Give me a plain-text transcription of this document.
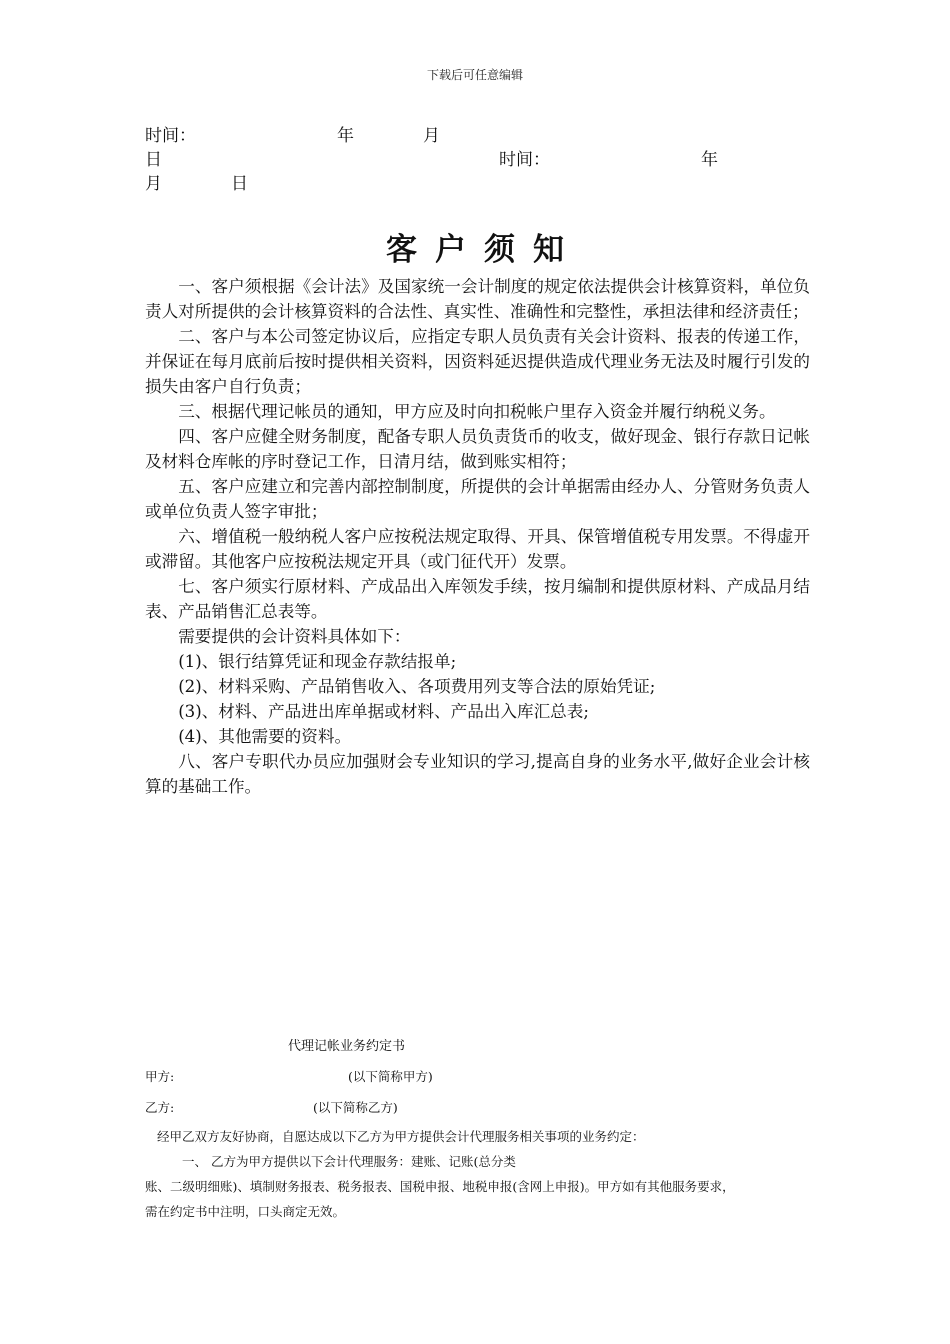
下载后可任意编辑
时间：	年	月
日	时间：	年
月	日
客户须知

一、客户须根据《会计法》及国家统一会计制度的规定依法提供会计核算资料，单位负责人对所提供的会计核算资料的合法性、真实性、准确性和完整性，承担法律和经济责任；

二、客户与本公司签定协议后，应指定专职人员负责有关会计资料、报表的传递工作，并保证在每月底前后按时提供相关资料，因资料延迟提供造成代理业务无法及时履行引发的损失由客户自行负责；

三、根据代理记帐员的通知，甲方应及时向扣税帐户里存入资金并履行纳税义务。

四、客户应健全财务制度，配备专职人员负责货币的收支，做好现金、银行存款日记帐及材料仓库帐的序时登记工作，日清月结，做到账实相符；

五、客户应建立和完善内部控制制度，所提供的会计单据需由经办人、分管财务负责人或单位负责人签字审批；

六、增值税一般纳税人客户应按税法规定取得、开具、保管增值税专用发票。不得虚开或滞留。其他客户应按税法规定开具（或门征代开）发票。

七、客户须实行原材料、产成品出入库领发手续，按月编制和提供原材料、产成品月结表、产品销售汇总表等。

需要提供的会计资料具体如下：

(1)、银行结算凭证和现金存款结报单;

(2)、材料采购、产品销售收入、各项费用列支等合法的原始凭证;

(3)、材料、产品进出库单据或材料、产品出入库汇总表;

(4)、其他需要的资料。

八、客户专职代办员应加强财会专业知识的学习,提高自身的业务水平,做好企业会计核算的基础工作。

代理记帐业务约定书
甲方:	(以下简称甲方)
乙方:	(以下简称乙方)

经甲乙双方友好协商，自愿达成以下乙方为甲方提供会计代理服务相关事项的业务约定：

一、 乙方为甲方提供以下会计代理服务：建账、记账(总分类

账、二级明细账)、填制财务报表、税务报表、国税申报、地税申报(含网上申报)。甲方如有其他服务要求，

需在约定书中注明，口头商定无效。
